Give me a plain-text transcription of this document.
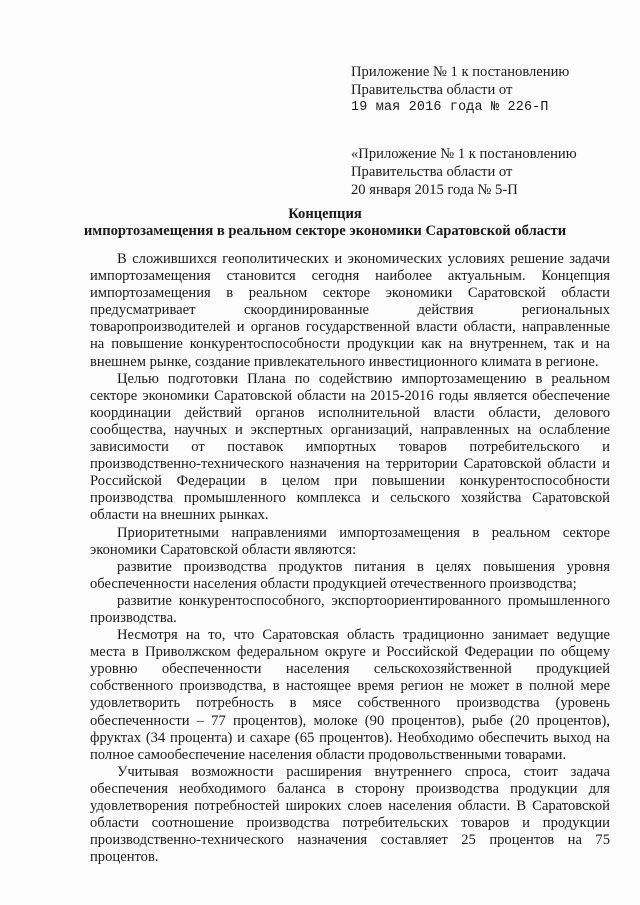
Приложение № 1 к постановлению
Правительства области от
19 мая 2016 года № 226-П
«Приложение № 1 к постановлению
Правительства области от
20 января 2015 года № 5-П
Концепция
импортозамещения в реальном секторе экономики Саратовской области

В сложившихся геополитических и экономических условиях решение задачи импортозамещения становится сегодня наиболее актуальным. Концепция импортозамещения в реальном секторе экономики Саратовской области предусматривает скоординированные действия региональных товаропроизводителей и органов государственной власти области, направленные на повышение конкурентоспособности продукции как на внутреннем, так и на внешнем рынке, создание привлекательного инвестиционного климата в регионе.

Целью подготовки Плана по содействию импортозамещению в реальном секторе экономики Саратовской области на 2015-2016 годы является обеспечение координации действий органов исполнительной власти области, делового сообщества, научных и экспертных организаций, направленных на ослабление зависимости от поставок импортных товаров потребительского и производственно-технического назначения на территории Саратовской области и Российской Федерации в целом при повышении конкурентоспособности производства промышленного комплекса и сельского хозяйства Саратовской области на внешних рынках.

Приоритетными направлениями импортозамещения в реальном секторе экономики Саратовской области являются:

развитие производства продуктов питания в целях повышения уровня обеспеченности населения области продукцией отечественного производства;

развитие конкурентоспособного, экспортоориентированного промышленного производства.

Несмотря на то, что Саратовская область традиционно занимает ведущие места в Приволжском федеральном округе и Российской Федерации по общему уровню обеспеченности населения сельскохозяйственной продукцией собственного производства, в настоящее время регион не может в полной мере удовлетворить потребность в мясе собственного производства (уровень обеспеченности – 77 процентов), молоке (90 процентов), рыбе (20 процентов), фруктах (34 процента) и сахаре (65 процентов). Необходимо обеспечить выход на полное самообеспечение населения области продовольственными товарами.

Учитывая возможности расширения внутреннего спроса, стоит задача обеспечения необходимого баланса в сторону производства продукции для удовлетворения потребностей широких слоев населения области. В Саратовской области соотношение производства потребительских товаров и продукции производственно-технического назначения составляет 25 процентов на 75 процентов.
